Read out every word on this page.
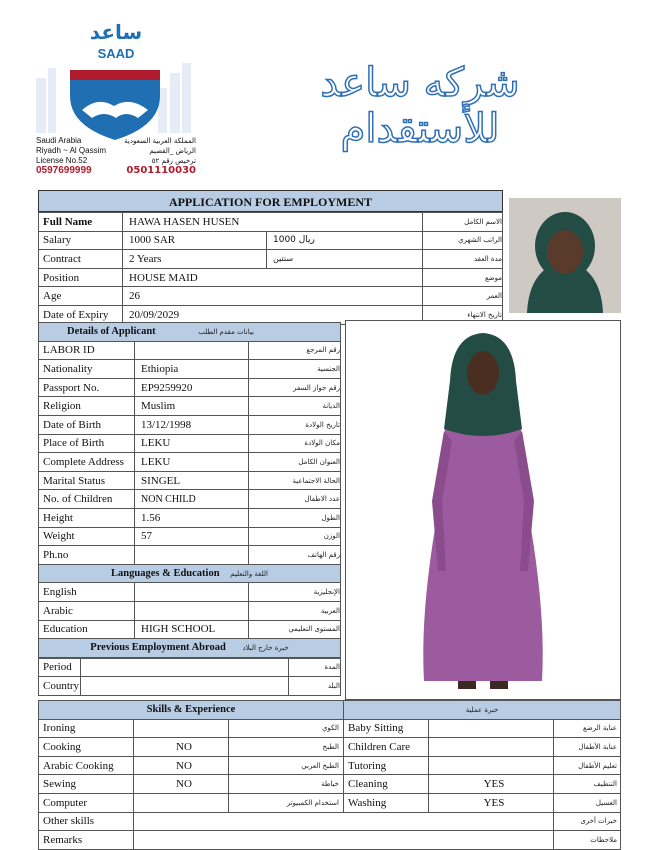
ساعد
SAAD
Saudi Arabia
Riyadh ~ Al Qassim
License No.52
0597699999
المملكة العربية السعودية
الرياض _القصيم
ترخيص رقم ٥٢
0501110030
شركه ساعد للأستقدام
APPLICATION FOR EMPLOYMENT
Full Name	HAWA HASEN HUSEN		الاسم الكامل
Salary	1000 SAR	ريال 1000	الراتب الشهري
Contract	2 Years	سنتين	مدة العقد
Position	HOUSE MAID		موضع
Age	26		العمر
Date of Expiry	20/09/2029		تاريخ الانتهاء
Details of Applicant بيانات مقدم الطلب		
LABOR ID		رقم المرجع
Nationality	Ethiopia	الجنسية
Passport No.	EP9259920	رقم جواز السفر
Religion	Muslim	الديانة
Date of Birth	13/12/1998	تاريخ الولادة
Place of Birth	LEKU	مكان الولادة
Complete Address	LEKU	العنوان الكامل
Marital Status	SINGEL	الحالة الاجتماعية
No. of Children	NON CHILD	عدد الاطفال
Height	1.56	الطول
Weight	57	الوزن
Ph.no		رقم الهاتف
Languages & Education اللغة والتعليم		
English		الإنجليزية
Arabic		العربية
Education	HIGH SCHOOL	المستوى التعليمي
Previous Employment Abroad خبرة خارج البلاد		
Period		المدة
Country		البلد
Skills & Experience			خبرة عملية		
Ironing		الكوي	Baby Sitting		عناية الرضع
Cooking	NO	الطبخ	Children Care		عناية الأطفال
Arabic Cooking	NO	الطبخ العربي	Tutoring		تعليم الأطفال
Sewing	NO	خياطة	Cleaning	YES	التنظيف
Computer		استخدام الكمبيوتر	Washing	YES	الغسيل
Other skills					خبرات أخرى
Remarks					ملاحظات
